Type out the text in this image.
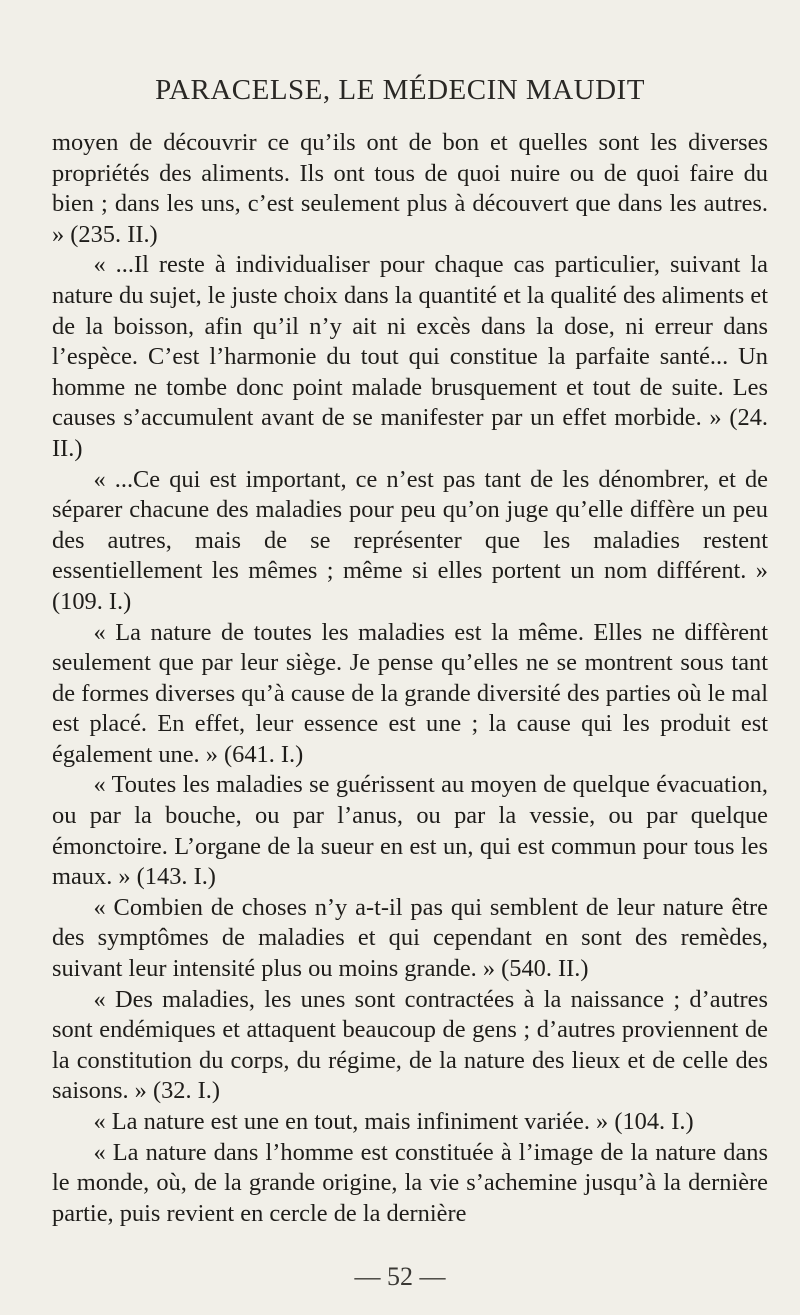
PARACELSE, LE MÉDECIN MAUDIT

moyen de découvrir ce qu’ils ont de bon et quelles sont les diverses propriétés des aliments. Ils ont tous de quoi nuire ou de quoi faire du bien ; dans les uns, c’est seulement plus à découvert que dans les autres. » (235. II.)

« ...Il reste à individualiser pour chaque cas particulier, suivant la nature du sujet, le juste choix dans la quantité et la qualité des aliments et de la boisson, afin qu’il n’y ait ni excès dans la dose, ni erreur dans l’espèce. C’est l’harmonie du tout qui constitue la parfaite santé... Un homme ne tombe donc point malade brusquement et tout de suite. Les causes s’accumulent avant de se manifester par un effet morbide. » (24. II.)

« ...Ce qui est important, ce n’est pas tant de les dénombrer, et de séparer chacune des maladies pour peu qu’on juge qu’elle diffère un peu des autres, mais de se représenter que les maladies restent essentiellement les mêmes ; même si elles portent un nom différent. » (109. I.)

« La nature de toutes les maladies est la même. Elles ne diffèrent seulement que par leur siège. Je pense qu’elles ne se montrent sous tant de formes diverses qu’à cause de la grande diversité des parties où le mal est placé. En effet, leur essence est une ; la cause qui les produit est également une. » (641. I.)

« Toutes les maladies se guérissent au moyen de quelque évacuation, ou par la bouche, ou par l’anus, ou par la vessie, ou par quelque émonctoire. L’organe de la sueur en est un, qui est commun pour tous les maux. » (143. I.)

« Combien de choses n’y a-t-il pas qui semblent de leur nature être des symptômes de maladies et qui cependant en sont des remèdes, suivant leur intensité plus ou moins grande. » (540. II.)

« Des maladies, les unes sont contractées à la naissance ; d’autres sont endémiques et attaquent beaucoup de gens ; d’autres proviennent de la constitution du corps, du régime, de la nature des lieux et de celle des saisons. » (32. I.)

« La nature est une en tout, mais infiniment variée. » (104. I.)

« La nature dans l’homme est constituée à l’image de la nature dans le monde, où, de la grande origine, la vie s’achemine jusqu’à la dernière partie, puis revient en cercle de la dernière

— 52 —
